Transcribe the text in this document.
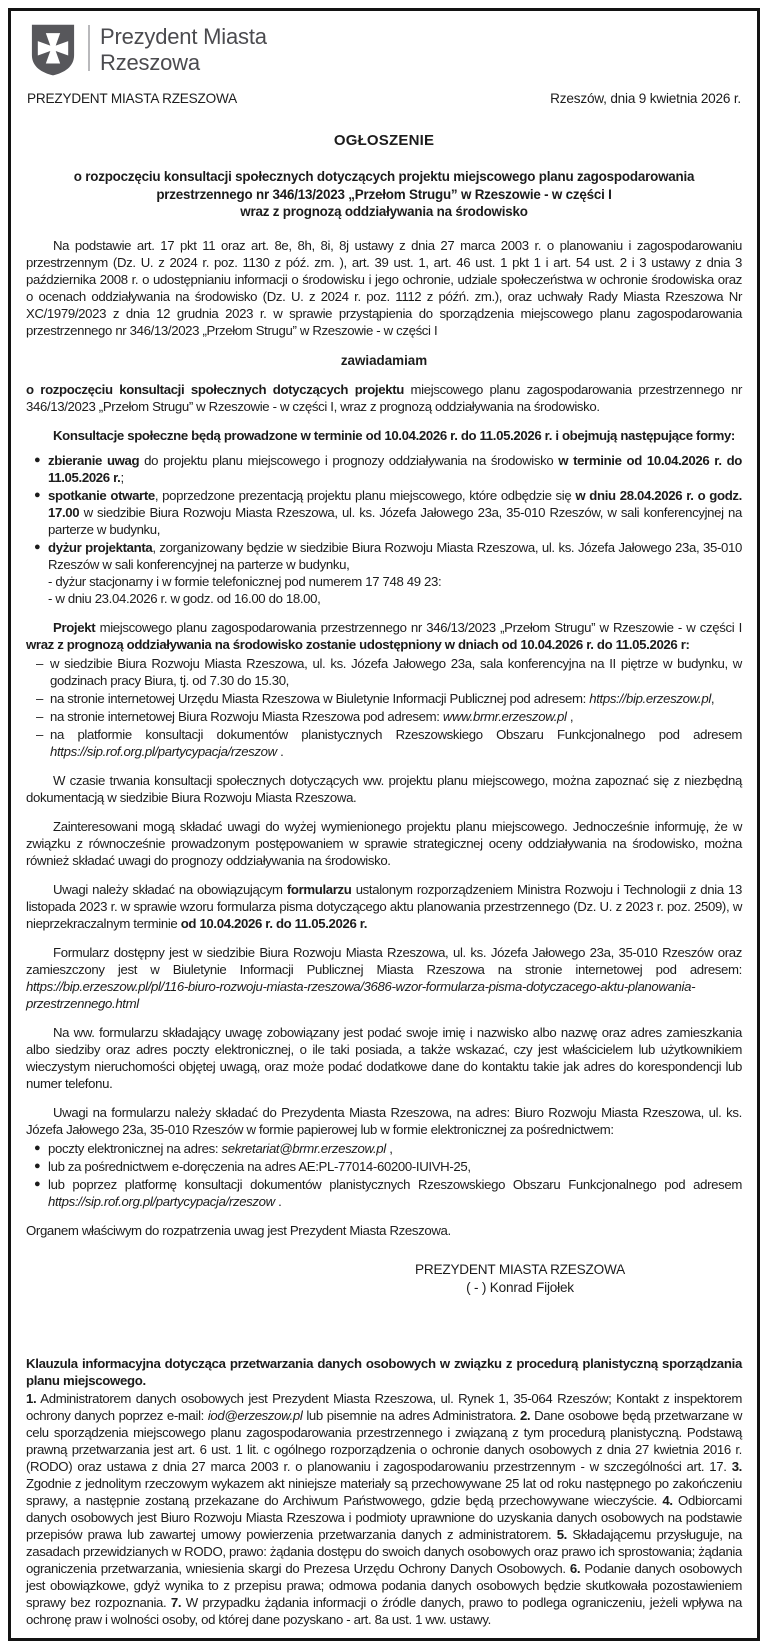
Prezydent Miasta
Rzeszowa
PREZYDENT MIASTA RZESZOWA	Rzeszów, dnia 9 kwietnia 2026 r.
OGŁOSZENIE
o rozpoczęciu konsultacji społecznych dotyczących projektu miejscowego planu zagospodarowania
przestrzennego nr 346/13/2023 „Przełom Strugu” w Rzeszowie - w części I
wraz z prognozą oddziaływania na środowisko

Na podstawie art. 17 pkt 11 oraz art. 8e, 8h, 8i, 8j ustawy z dnia 27 marca 2003 r. o planowaniu i zagospodarowaniu przestrzennym (Dz. U. z 2024 r. poz. 1130 z póź. zm. ), art. 39 ust. 1, art. 46 ust. 1 pkt 1 i art. 54 ust. 2 i 3 ustawy z dnia 3 października 2008 r. o udostępnianiu informacji o środowisku i jego ochronie, udziale społeczeństwa w ochronie środowiska oraz o ocenach oddziaływania na środowisko (Dz. U. z 2024 r. poz. 1112 z późń. zm.), oraz uchwały Rady Miasta Rzeszowa Nr XC/1979/2023 z dnia 12 grudnia 2023 r. w sprawie przystąpienia do sporządzenia miejscowego planu zagospodarowania przestrzennego nr 346/13/2023 „Przełom Strugu” w Rzeszowie - w części I

zawiadamiam

o rozpoczęciu konsultacji społecznych dotyczących projektu miejscowego planu zagospodarowania przestrzennego nr 346/13/2023 „Przełom Strugu” w Rzeszowie - w części I, wraz z prognozą oddziaływania na środowisko.

Konsultacje społeczne będą prowadzone w terminie od 10.04.2026 r. do 11.05.2026 r. i obejmują następujące formy:

● zbieranie uwag do projektu planu miejscowego i prognozy oddziaływania na środowisko w terminie od 10.04.2026 r. do 11.05.2026 r.;
● spotkanie otwarte, poprzedzone prezentacją projektu planu miejscowego, które odbędzie się w dniu 28.04.2026 r. o godz. 17.00 w siedzibie Biura Rozwoju Miasta Rzeszowa, ul. ks. Józefa Jałowego 23a, 35-010 Rzeszów, w sali konferencyjnej na parterze w budynku,
● dyżur projektanta, zorganizowany będzie w siedzibie Biura Rozwoju Miasta Rzeszowa, ul. ks. Józefa Jałowego 23a, 35-010 Rzeszów w sali konferencyjnej na parterze w budynku,
- dyżur stacjonarny i w formie telefonicznej pod numerem 17 748 49 23:
- w dniu 23.04.2026 r. w godz. od 16.00 do 18.00,

Projekt miejscowego planu zagospodarowania przestrzennego nr 346/13/2023 „Przełom Strugu” w Rzeszowie - w części I wraz z prognozą oddziaływania na środowisko zostanie udostępniony w dniach od 10.04.2026 r. do 11.05.2026 r:

– w siedzibie Biura Rozwoju Miasta Rzeszowa, ul. ks. Józefa Jałowego 23a, sala konferencyjna na II piętrze w budynku, w godzinach pracy Biura, tj. od 7.30 do 15.30,
– na stronie internetowej Urzędu Miasta Rzeszowa w Biuletynie Informacji Publicznej pod adresem: https://bip.erzeszow.pl,
– na stronie internetowej Biura Rozwoju Miasta Rzeszowa pod adresem: www.brmr.erzeszow.pl ,
– na platformie konsultacji dokumentów planistycznych Rzeszowskiego Obszaru Funkcjonalnego pod adresem https://sip.rof.org.pl/partycypacja/rzeszow .

W czasie trwania konsultacji społecznych dotyczących ww. projektu planu miejscowego, można zapoznać się z niezbędną dokumentacją w siedzibie Biura Rozwoju Miasta Rzeszowa.

Zainteresowani mogą składać uwagi do wyżej wymienionego projektu planu miejscowego. Jednocześnie informuję, że w związku z równocześnie prowadzonym postępowaniem w sprawie strategicznej oceny oddziaływania na środowisko, można również składać uwagi do prognozy oddziaływania na środowisko.

Uwagi należy składać na obowiązującym formularzu ustalonym rozporządzeniem Ministra Rozwoju i Technologii z dnia 13 listopada 2023 r. w sprawie wzoru formularza pisma dotyczącego aktu planowania przestrzennego (Dz. U. z 2023 r. poz. 2509), w nieprzekraczalnym terminie od 10.04.2026 r. do 11.05.2026 r.

Formularz dostępny jest w siedzibie Biura Rozwoju Miasta Rzeszowa, ul. ks. Józefa Jałowego 23a, 35-010 Rzeszów oraz zamieszczony jest w Biuletynie Informacji Publicznej Miasta Rzeszowa na stronie internetowej pod adresem: https://bip.erzeszow.pl/pl/116-biuro-rozwoju-miasta-rzeszowa/3686-wzor-formularza-pisma-dotyczacego-aktu-planowania-przestrzennego.html

Na ww. formularzu składający uwagę zobowiązany jest podać swoje imię i nazwisko albo nazwę oraz adres zamieszkania albo siedziby oraz adres poczty elektronicznej, o ile taki posiada, a także wskazać, czy jest właścicielem lub użytkownikiem wieczystym nieruchomości objętej uwagą, oraz może podać dodatkowe dane do kontaktu takie jak adres do korespondencji lub numer telefonu.

Uwagi na formularzu należy składać do Prezydenta Miasta Rzeszowa, na adres: Biuro Rozwoju Miasta Rzeszowa, ul. ks. Józefa Jałowego 23a, 35-010 Rzeszów w formie papierowej lub w formie elektronicznej za pośrednictwem:

● poczty elektronicznej na adres: sekretariat@brmr.erzeszow.pl ,
● lub za pośrednictwem e-doręczenia na adres AE:PL-77014-60200-IUIVH-25,
● lub poprzez platformę konsultacji dokumentów planistycznych Rzeszowskiego Obszaru Funkcjonalnego pod adresem https://sip.rof.org.pl/partycypacja/rzeszow .

Organem właściwym do rozpatrzenia uwag jest Prezydent Miasta Rzeszowa.

PREZYDENT MIASTA RZESZOWA
( - ) Konrad Fijołek
Klauzula informacyjna dotycząca przetwarzania danych osobowych w związku z procedurą planistyczną sporządzania planu miejscowego.
1. Administratorem danych osobowych jest Prezydent Miasta Rzeszowa, ul. Rynek 1, 35-064 Rzeszów; Kontakt z inspektorem ochrony danych poprzez e-mail: iod@erzeszow.pl lub pisemnie na adres Administratora. 2. Dane osobowe będą przetwarzane w celu sporządzenia miejscowego planu zagospodarowania przestrzennego i związaną z tym procedurą planistyczną. Podstawą prawną przetwarzania jest art. 6 ust. 1 lit. c ogólnego rozporządzenia o ochronie danych osobowych z dnia 27 kwietnia 2016 r. (RODO) oraz ustawa z dnia 27 marca 2003 r. o planowaniu i zagospodarowaniu przestrzennym - w szczególności art. 17. 3. Zgodnie z jednolitym rzeczowym wykazem akt niniejsze materiały są przechowywane 25 lat od roku następnego po zakończeniu sprawy, a następnie zostaną przekazane do Archiwum Państwowego, gdzie będą przechowywane wieczyście. 4. Odbiorcami danych osobowych jest Biuro Rozwoju Miasta Rzeszowa i podmioty uprawnione do uzyskania danych osobowych na podstawie przepisów prawa lub zawartej umowy powierzenia przetwarzania danych z administratorem. 5. Składającemu przysługuje, na zasadach przewidzianych w RODO, prawo: żądania dostępu do swoich danych osobowych oraz prawo ich sprostowania; żądania ograniczenia przetwarzania, wniesienia skargi do Prezesa Urzędu Ochrony Danych Osobowych. 6. Podanie danych osobowych jest obowiązkowe, gdyż wynika to z przepisu prawa; odmowa podania danych osobowych będzie skutkowała pozostawieniem sprawy bez rozpoznania. 7. W przypadku żądania informacji o źródle danych, prawo to podlega ograniczeniu, jeżeli wpływa na ochronę praw i wolności osoby, od której dane pozyskano - art. 8a ust. 1 ww. ustawy.
